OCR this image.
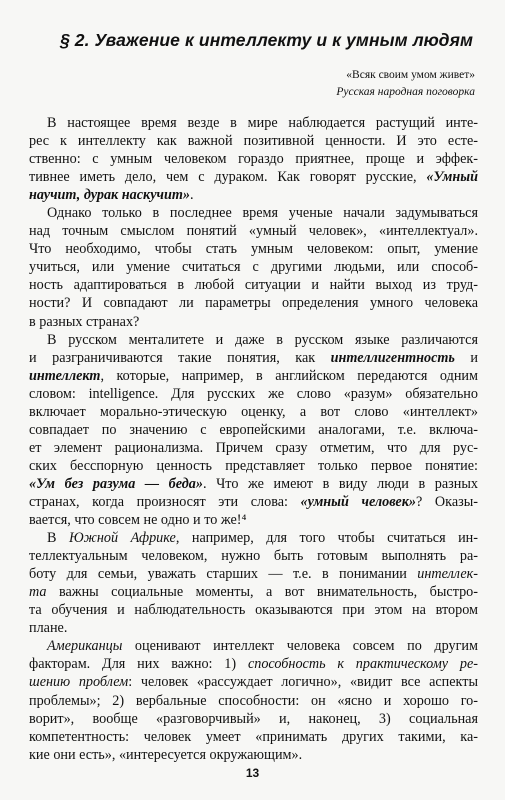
§ 2. Уважение к интеллекту и к умным людям
«Всяк своим умом живет»
Русская народная поговорка
В настоящее время везде в мире наблюдается растущий инте-
рес к интеллекту как важной позитивной ценности. И это есте-
ственно: с умным человеком гораздо приятнее, проще и эффек-
тивнее иметь дело, чем с дураком. Как говорят русские, «Умный
научит, дурак наскучит».
Однако только в последнее время ученые начали задумываться
над точным смыслом понятий «умный человек», «интеллектуал».
Что необходимо, чтобы стать умным человеком: опыт, умение
учиться, или умение считаться с другими людьми, или способ-
ность адаптироваться в любой ситуации и найти выход из труд-
ности? И совпадают ли параметры определения умного человека
в разных странах?
В русском менталитете и даже в русском языке различаются
и разграничиваются такие понятия, как интеллигентность и
интеллект, которые, например, в английском передаются одним
словом: intelligence. Для русских же слово «разум» обязательно
включает морально-этическую оценку, а вот слово «интеллект»
совпадает по значению с европейскими аналогами, т.е. включа-
ет элемент рационализма. Причем сразу отметим, что для рус-
ских бесспорную ценность представляет только первое понятие:
«Ум без разума — беда». Что же имеют в виду люди в разных
странах, когда произносят эти слова: «умный человек»? Оказы-
вается, что совсем не одно и то же!⁴
В Южной Африке, например, для того чтобы считаться ин-
теллектуальным человеком, нужно быть готовым выполнять ра-
боту для семьи, уважать старших — т.е. в понимании интеллек-
та важны социальные моменты, а вот внимательность, быстро-
та обучения и наблюдательность оказываются при этом на втором
плане.
Американцы оценивают интеллект человека совсем по другим
факторам. Для них важно: 1) способность к практическому ре-
шению проблем: человек «рассуждает логично», «видит все аспекты
проблемы»; 2) вербальные способности: он «ясно и хорошо го-
ворит», вообще «разговорчивый» и, наконец, 3) социальная
компетентность: человек умеет «принимать других такими, ка-
кие они есть», «интересуется окружающим».
13
